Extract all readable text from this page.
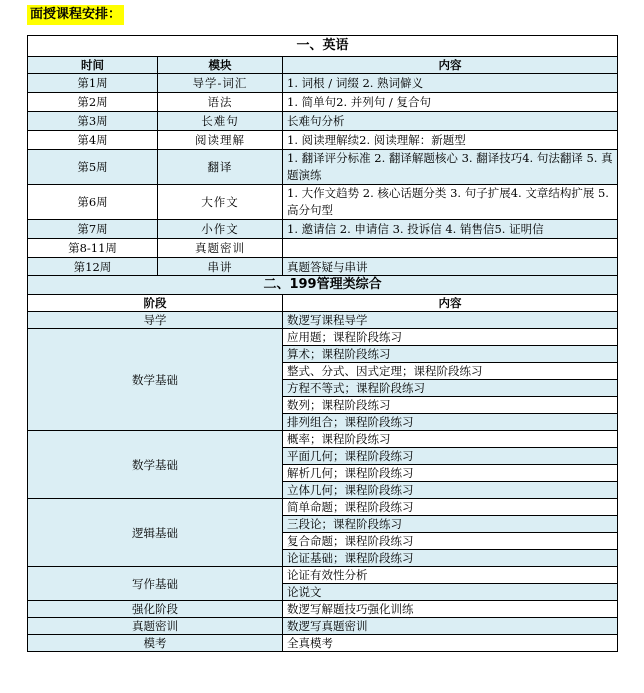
面授课程安排：
一、英语		
时间	模块	内容
第1周	导学-词汇	1. 词根 / 词缀 2. 熟词僻义
第2周	语法	1. 简单句2. 并列句 / 复合句
第3周	长难句	长难句分析
第4周	阅读理解	1. 阅读理解续2. 阅读理解：新题型
第5周	翻译	1. 翻译评分标准 2. 翻译解题核心 3. 翻译技巧4. 句法翻译 5. 真题演练
第6周	大作文	1. 大作文趋势 2. 核心话题分类 3. 句子扩展4. 文章结构扩展 5. 高分句型
第7周	小作文	1. 邀请信 2. 申请信 3. 投诉信 4. 销售信5. 证明信
第8-11周	真题密训	
第12周	串讲	真题答疑与串讲
二、199管理类综合	
阶段	内容
导学	数逻写课程导学
数学基础	应用题；课程阶段练习
	算术；课程阶段练习
	整式、分式、因式定理；课程阶段练习
	方程不等式；课程阶段练习
	数列；课程阶段练习
	排列组合；课程阶段练习
数学基础	概率；课程阶段练习
	平面几何；课程阶段练习
	解析几何；课程阶段练习
	立体几何；课程阶段练习
逻辑基础	简单命题；课程阶段练习
	三段论；课程阶段练习
	复合命题；课程阶段练习
	论证基础；课程阶段练习
写作基础	论证有效性分析
	论说文
强化阶段	数逻写解题技巧强化训练
真题密训	数逻写真题密训
模考	全真模考
